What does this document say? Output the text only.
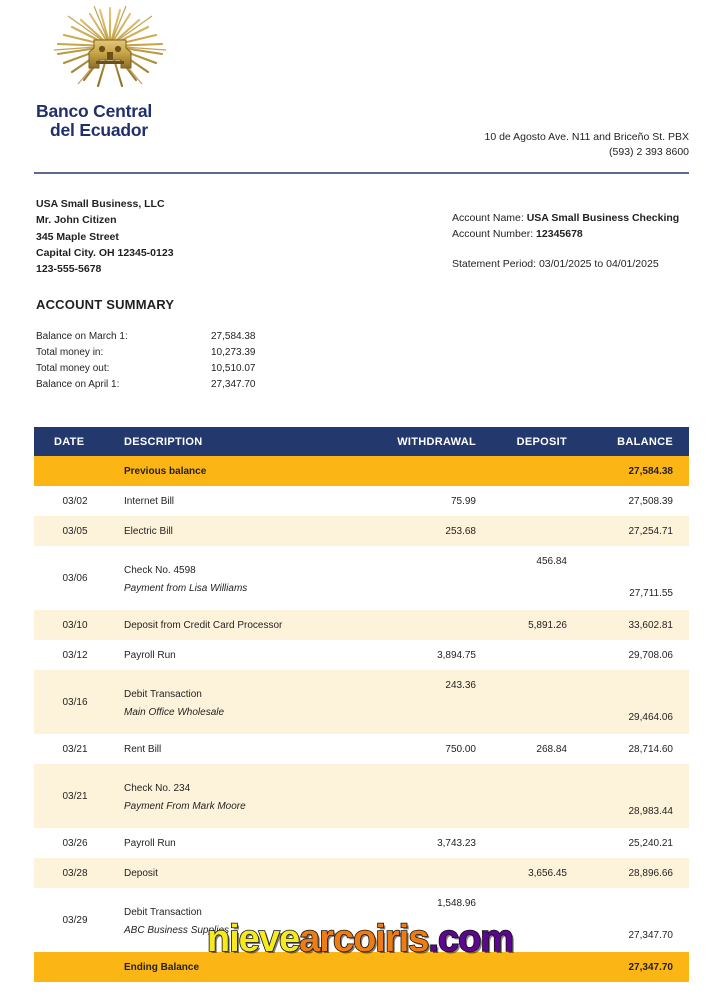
Banco Central
del Ecuador	10 de Agosto Ave. N11 and Briceño St. PBX
(593) 2 393 8600
USA Small Business, LLC
Mr. John Citizen
345 Maple Street
Capital City. OH 12345-0123
123-555-5678
Account Name: USA Small Business Checking
Account Number: 12345678
Statement Period: 03/01/2025 to 04/01/2025
ACCOUNT SUMMARY
Balance on March 1:	27,584.38
Total money in:	10,273.39
Total money out:	10,510.07
Balance on April 1:	27,347.70
DATE	DESCRIPTION	WITHDRAWAL	DEPOSIT	BALANCE
	Previous balance			27,584.38
03/02	Internet Bill	75.99		27,508.39
03/05	Electric Bill	253.68		27,254.71
03/06	Check No. 4598
Payment from Lisa Williams		456.84	27,711.55
03/10	Deposit from Credit Card Processor		5,891.26	33,602.81
03/12	Payroll Run	3,894.75		29,708.06
03/16	Debit Transaction
Main Office Wholesale	243.36		29,464.06
03/21	Rent Bill	750.00	268.84	28,714.60
03/21	Check No. 234
Payment From Mark Moore			28,983.44
03/26	Payroll Run	3,743.23		25,240.21
03/28	Deposit		3,656.45	28,896.66
03/29	Debit Transaction
ABC Business Supplies	1,548.96		27,347.70
	Ending Balance			27,347.70
nievearcoiris.com
